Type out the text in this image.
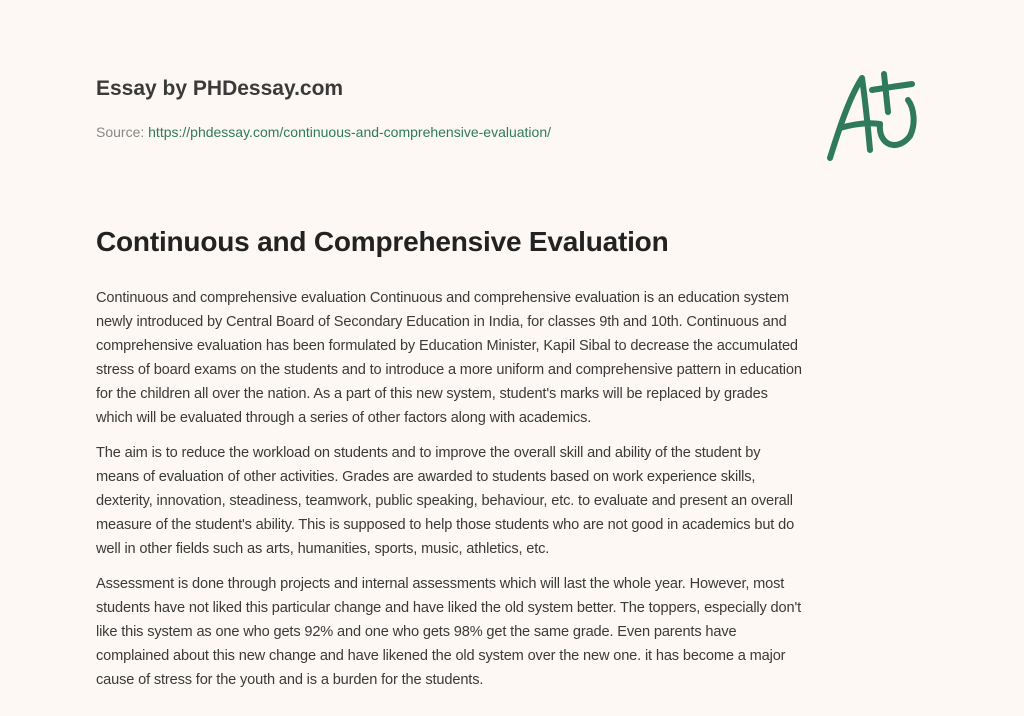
Essay by PHDessay.com
Source: https://phdessay.com/continuous-and-comprehensive-evaluation/
Continuous and Comprehensive Evaluation

Continuous and comprehensive evaluation Continuous and comprehensive evaluation is an education system
newly introduced by Central Board of Secondary Education in India, for classes 9th and 10th. Continuous and
comprehensive evaluation has been formulated by Education Minister, Kapil Sibal to decrease the accumulated
stress of board exams on the students and to introduce a more uniform and comprehensive pattern in education
for the children all over the nation. As a part of this new system, student's marks will be replaced by grades
which will be evaluated through a series of other factors along with academics.

The aim is to reduce the workload on students and to improve the overall skill and ability of the student by
means of evaluation of other activities. Grades are awarded to students based on work experience skills,
dexterity, innovation, steadiness, teamwork, public speaking, behaviour, etc. to evaluate and present an overall
measure of the student's ability. This is supposed to help those students who are not good in academics but do
well in other fields such as arts, humanities, sports, music, athletics, etc.

Assessment is done through projects and internal assessments which will last the whole year. However, most
students have not liked this particular change and have liked the old system better. The toppers, especially don't
like this system as one who gets 92% and one who gets 98% get the same grade. Even parents have
complained about this new change and have likened the old system over the new one. it has become a major
cause of stress for the youth and is a burden for the students.
